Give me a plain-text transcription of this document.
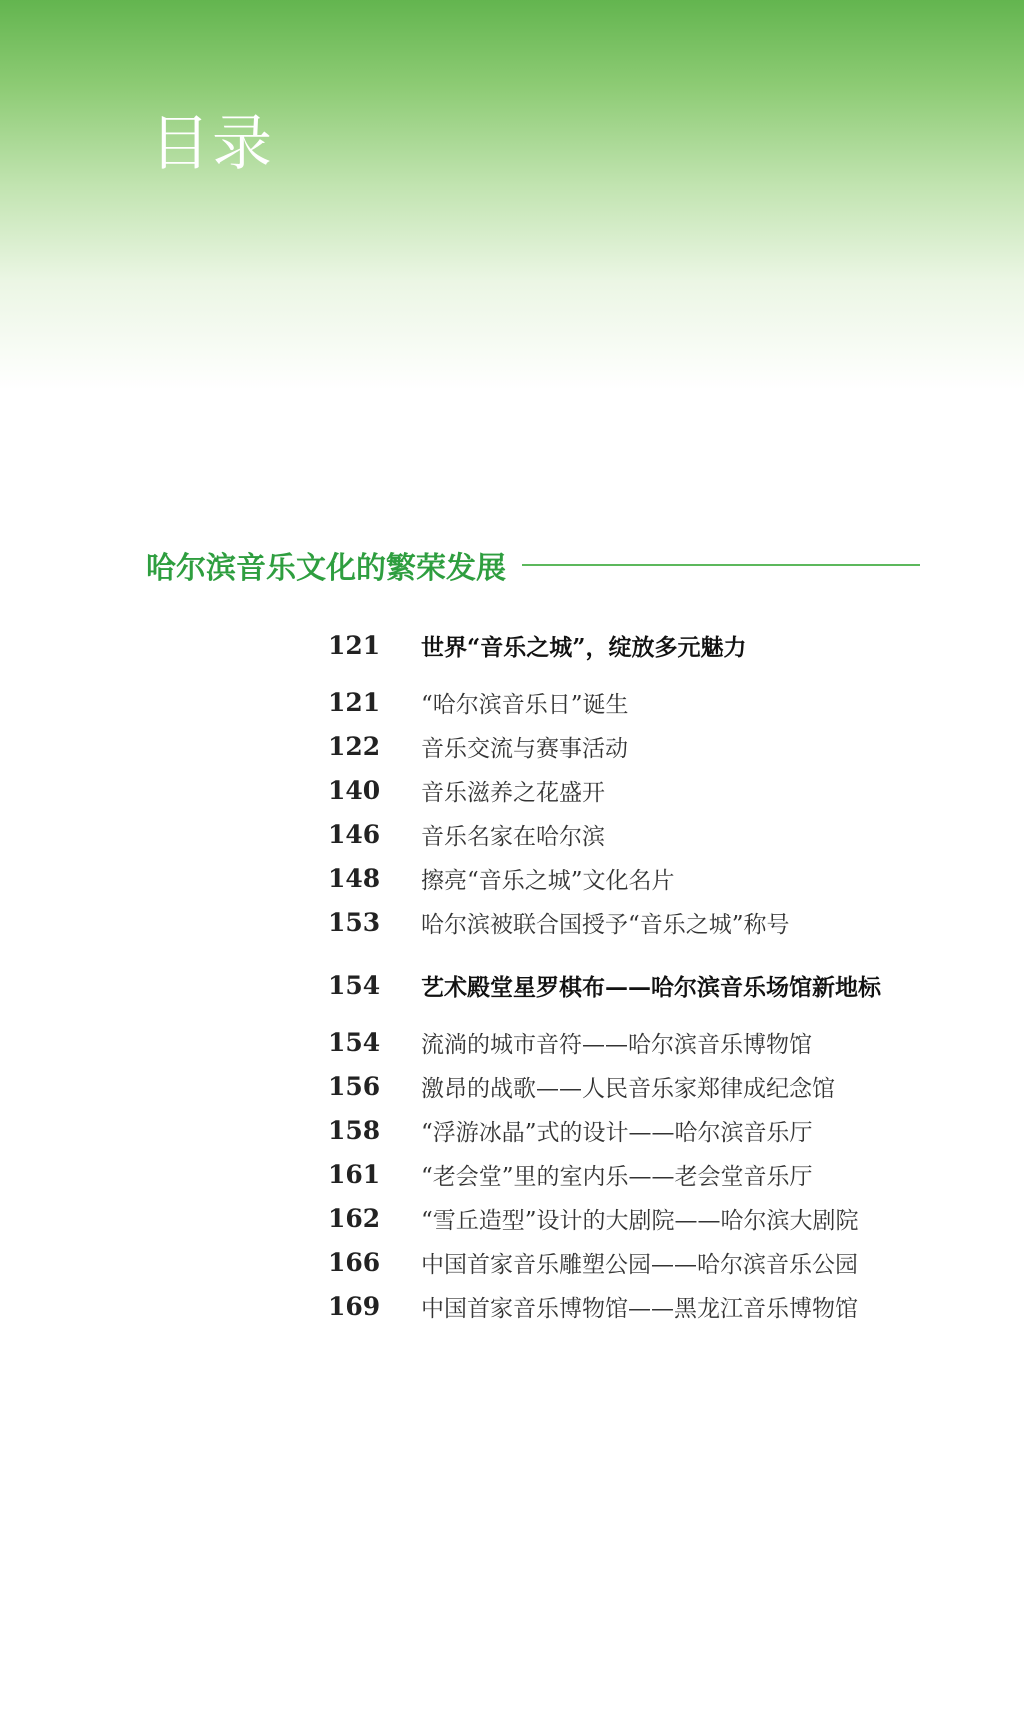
目录
哈尔滨音乐文化的繁荣发展
121	世界“音乐之城”，绽放多元魅力
121	“哈尔滨音乐日”诞生
122	音乐交流与赛事活动
140	音乐滋养之花盛开
146	音乐名家在哈尔滨
148	擦亮“音乐之城”文化名片
153	哈尔滨被联合国授予“音乐之城”称号
154	艺术殿堂星罗棋布——哈尔滨音乐场馆新地标
154	流淌的城市音符——哈尔滨音乐博物馆
156	激昂的战歌——人民音乐家郑律成纪念馆
158	“浮游冰晶”式的设计——哈尔滨音乐厅
161	“老会堂”里的室内乐——老会堂音乐厅
162	“雪丘造型”设计的大剧院——哈尔滨大剧院
166	中国首家音乐雕塑公园——哈尔滨音乐公园
169	中国首家音乐博物馆——黑龙江音乐博物馆
